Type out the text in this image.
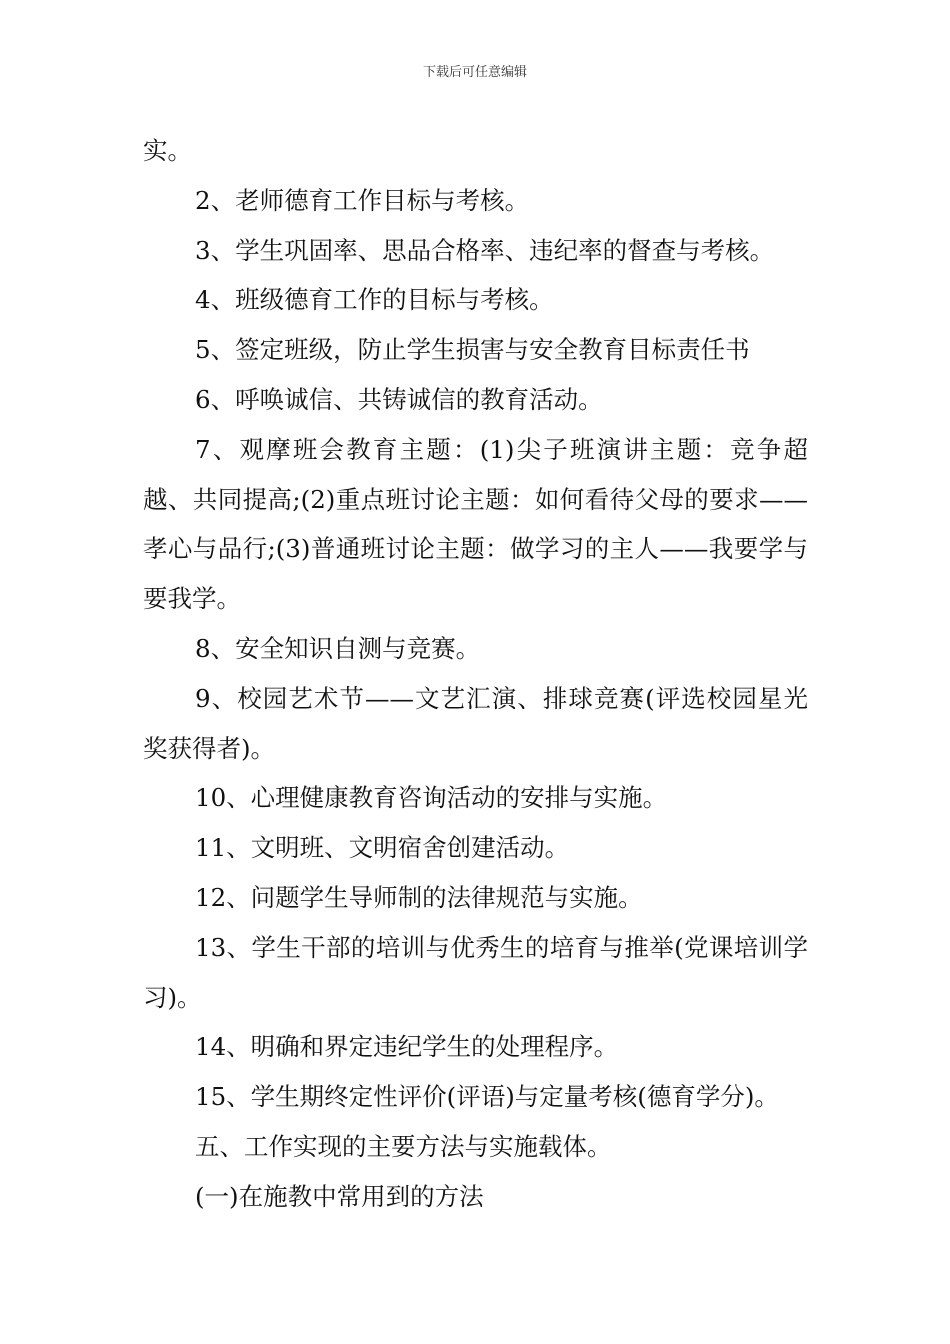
下载后可任意编辑

实。

2、老师德育工作目标与考核。

3、学生巩固率、思品合格率、违纪率的督查与考核。

4、班级德育工作的目标与考核。

5、签定班级，防止学生损害与安全教育目标责任书

6、呼唤诚信、共铸诚信的教育活动。

7、观摩班会教育主题：(1)尖子班演讲主题：竞争超越、共同提高;(2)重点班讨论主题：如何看待父母的要求——孝心与品行;(3)普通班讨论主题：做学习的主人——我要学与要我学。

8、安全知识自测与竞赛。

9、校园艺术节——文艺汇演、排球竞赛(评选校园星光奖获得者)。

10、心理健康教育咨询活动的安排与实施。

11、文明班、文明宿舍创建活动。

12、问题学生导师制的法律规范与实施。

13、学生干部的培训与优秀生的培育与推举(党课培训学习)。

14、明确和界定违纪学生的处理程序。

15、学生期终定性评价(评语)与定量考核(德育学分)。

五、工作实现的主要方法与实施载体。

(一)在施教中常用到的方法
